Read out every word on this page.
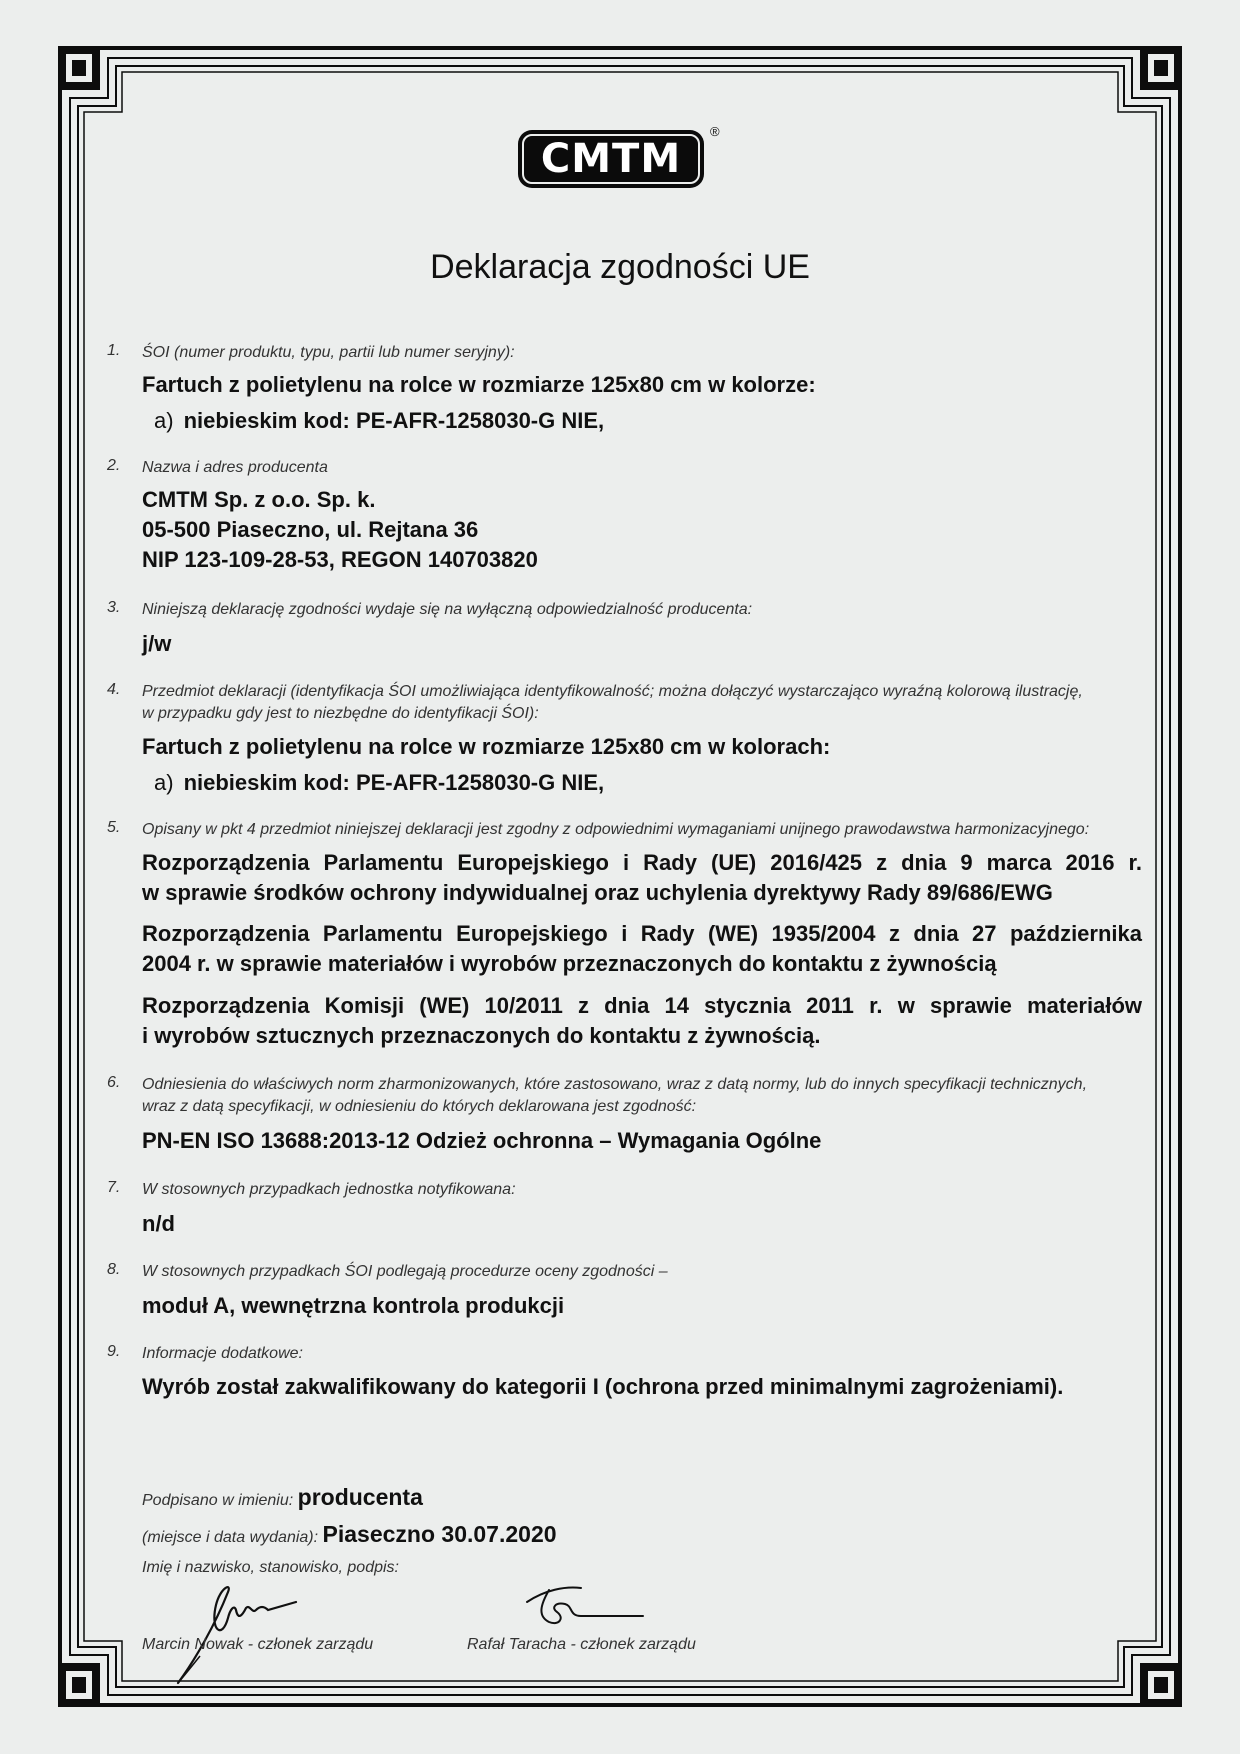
CMTM
®
Deklaracja zgodności UE
1. ŚOI (numer produktu, typu, partii lub numer seryjny):
Fartuch z polietylenu na rolce w rozmiarze 125x80 cm w kolorze:
a) niebieskim kod: PE-AFR-1258030-G NIE,
2. Nazwa i adres producenta
CMTM Sp. z o.o. Sp. k.
05-500 Piaseczno, ul. Rejtana 36
NIP 123-109-28-53, REGON 140703820
3. Niniejszą deklarację zgodności wydaje się na wyłączną odpowiedzialność producenta:
j/w
4. Przedmiot deklaracji (identyfikacja ŚOI umożliwiająca identyfikowalność; można dołączyć wystarczająco wyraźną kolorową ilustrację,
w przypadku gdy jest to niezbędne do identyfikacji ŚOI):
Fartuch z polietylenu na rolce w rozmiarze 125x80 cm w kolorach:
a) niebieskim kod: PE-AFR-1258030-G NIE,
5. Opisany w pkt 4 przedmiot niniejszej deklaracji jest zgodny z odpowiednimi wymaganiami unijnego prawodawstwa harmonizacyjnego:
Rozporządzenia Parlamentu Europejskiego i Rady (UE) 2016/425 z dnia 9 marca 2016 r.
w sprawie środków ochrony indywidualnej oraz uchylenia dyrektywy Rady 89/686/EWG
Rozporządzenia Parlamentu Europejskiego i Rady (WE) 1935/2004 z dnia 27 października
2004 r. w sprawie materiałów i wyrobów przeznaczonych do kontaktu z żywnością
Rozporządzenia Komisji (WE) 10/2011 z dnia 14 stycznia 2011 r. w sprawie materiałów
i wyrobów sztucznych przeznaczonych do kontaktu z żywnością.
6. Odniesienia do właściwych norm zharmonizowanych, które zastosowano, wraz z datą normy, lub do innych specyfikacji technicznych,
wraz z datą specyfikacji, w odniesieniu do których deklarowana jest zgodność:
PN-EN ISO 13688:2013-12 Odzież ochronna – Wymagania Ogólne
7. W stosownych przypadkach jednostka notyfikowana:
n/d
8. W stosownych przypadkach ŚOI podlegają procedurze oceny zgodności –
moduł A, wewnętrzna kontrola produkcji
9. Informacje dodatkowe:
Wyrób został zakwalifikowany do kategorii I (ochrona przed minimalnymi zagrożeniami).
Podpisano w imieniu: producenta
(miejsce i data wydania): Piaseczno 30.07.2020
Imię i nazwisko, stanowisko, podpis:
Marcin Nowak - członek zarządu	Rafał Taracha - członek zarządu
